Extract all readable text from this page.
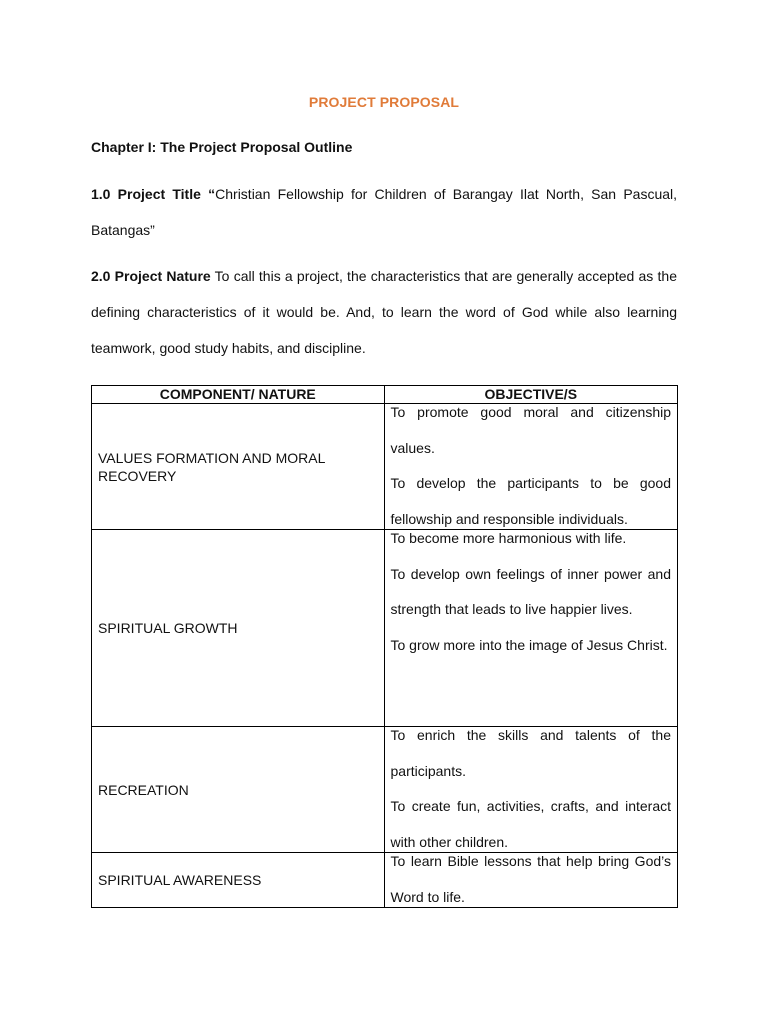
PROJECT PROPOSAL
Chapter I: The Project Proposal Outline
1.0 Project Title “Christian Fellowship for Children of Barangay Ilat North, San Pascual, Batangas”
2.0 Project Nature To call this a project, the characteristics that are generally accepted as the defining characteristics of it would be. And, to learn the word of God while also learning teamwork, good study habits, and discipline.
COMPONENT/ NATURE	OBJECTIVE/S
VALUES FORMATION AND MORAL RECOVERY	To promote good moral and citizenship values.

To develop the participants to be good fellowship and responsible individuals.

SPIRITUAL GROWTH	To become more harmonious with life.

To develop own feelings of inner power and strength that leads to live happier lives.

To grow more into the image of Jesus Christ.

RECREATION	To enrich the skills and talents of the participants.

To create fun, activities, crafts, and interact with other children.

SPIRITUAL AWARENESS	To learn Bible lessons that help bring God’s Word to life.
